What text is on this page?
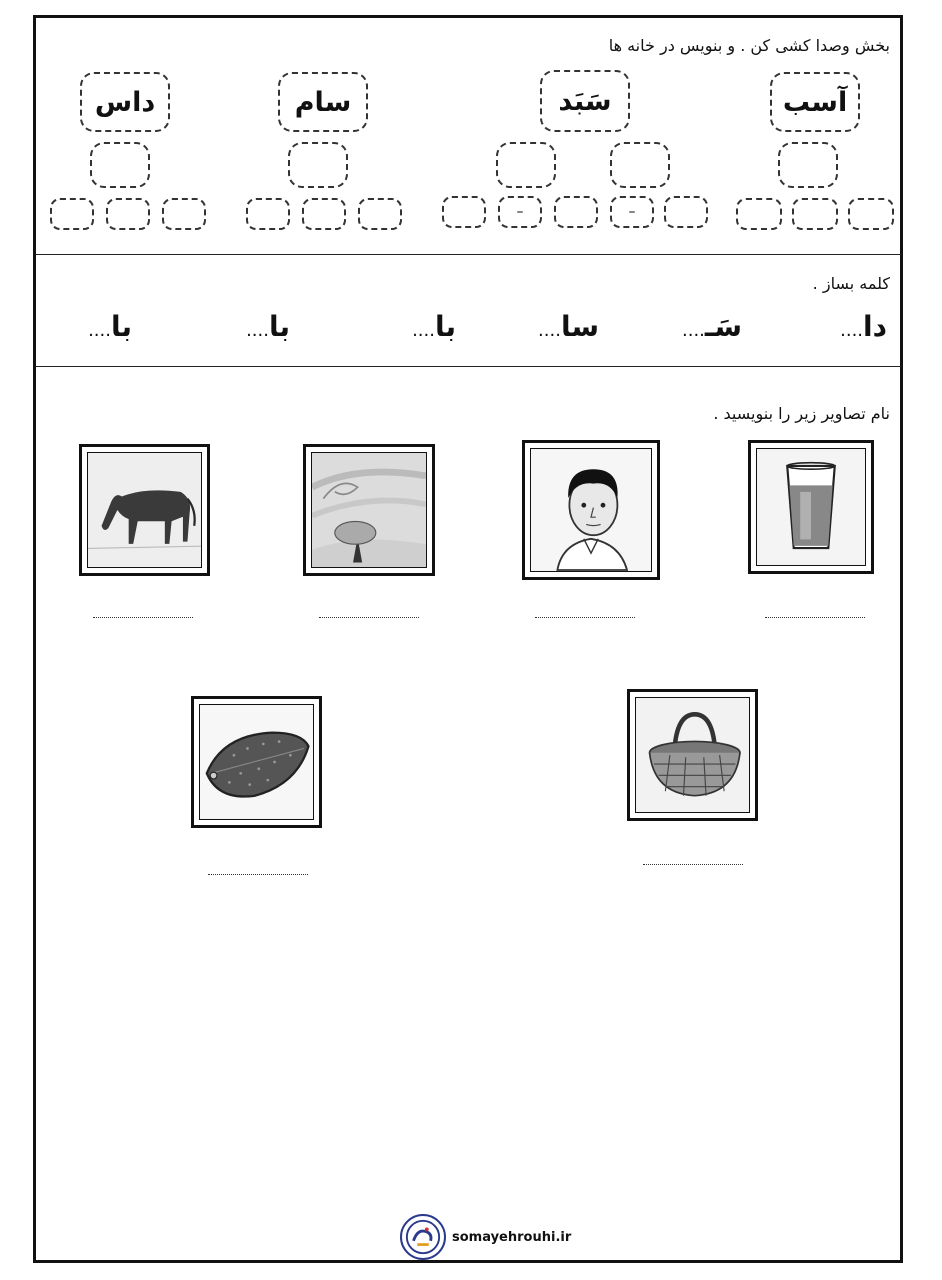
بخش وصدا کشی کن . و بنویس در خانه ها
آسب
سَبَد
–
–
سام
داس
کلمه بساز .
دا....
سَـ....
سا....
با....
با....
با....
نام تصاویر زیر را بنویسید .
somayehrouhi.ir
